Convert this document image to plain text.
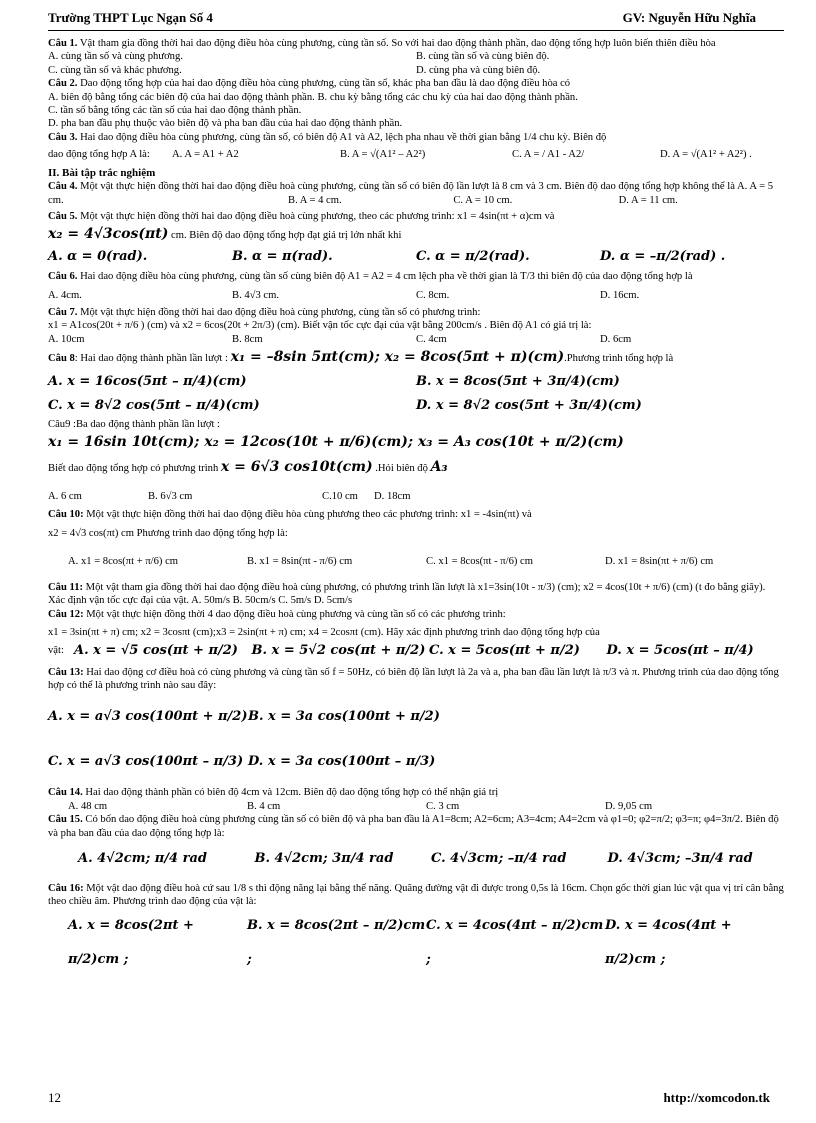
Trường THPT Lục Ngạn Số 4	GV: Nguyễn Hữu Nghĩa

Câu 1. Vật tham gia đồng thời hai dao động điều hòa cùng phương, cùng tần số. So với hai dao động thành phần, dao động tổng hợp luôn biến thiên điều hòa

A. cùng tần số và cùng phương.	B. cùng tần số và cùng biên độ.
C. cùng tần số và khác phương.	D. cùng pha và cùng biên độ.

Câu 2. Dao động tổng hợp của hai dao động điều hòa cùng phương, cùng tần số, khác pha ban đầu là dao động điều hòa có

A. biên độ bằng tổng các biên độ của hai dao động thành phần. B. chu kỳ bằng tổng các chu kỳ của hai dao động thành phần.

C. tần số bằng tổng các tần số của hai dao động thành phần.

D. pha ban đầu phụ thuộc vào biên độ và pha ban đầu của hai dao động thành phần.

Câu 3. Hai dao động điều hòa cùng phương, cùng tần số, có biên độ A1 và A2, lệch pha nhau về thời gian bằng 1/4 chu kỳ. Biên độ

dao động tổng hợp A là:	A. A = A1 + A2	B. A = √(A1² – A2²)	C. A = / A1 - A2/	D. A = √(A1² + A2²) .
II. Bài tập trắc nghiệm

Câu 4. Một vật thực hiện đồng thời hai dao động điều hoà cùng phương, cùng tần số có biên độ lần lượt là 8 cm và 3 cm. Biên độ dao động tổng hợp không thể là A. A = 5 cm.	B. A = 4 cm.	C. A = 10 cm.	D. A = 11 cm.

Câu 5. Một vật thực hiện đồng thời hai dao động điều hoà cùng phương, theo các phương trình: x1 = 4sin(πt + α)cm và

x₂ = 4√3cos(πt) cm. Biên độ dao động tổng hợp đạt giá trị lớn nhất khi

A. α = 0(rad).	B. α = π(rad).	C. α = π/2(rad).	D. α = –π/2(rad) .

Câu 6. Hai dao động điều hòa cùng phương, cùng tần số cùng biên độ A1 = A2 = 4 cm lệch pha về thời gian là T/3 thì biên độ của dao động tổng hợp là

A. 4cm.	B. 4√3 cm.	C. 8cm.	D. 16cm.

Câu 7. Một vật thực hiện đồng thời hai dao động điều hoà cùng phương, cùng tần số có phương trình:

x1 = A1cos(20t + π/6 ) (cm) và x2 = 6cos(20t + 2π/3) (cm). Biết vận tốc cực đại của vật bằng 200cm/s . Biên độ A1 có giá trị là:

A. 10cm	B. 8cm	C. 4cm	D. 6cm

Câu 8: Hai dao động thành phần lần lượt : x₁ = –8sin 5πt(cm); x₂ = 8cos(5πt + π)(cm).Phương trình tổng hợp là

A. x = 16cos(5πt – π/4)(cm)	B. x = 8cos(5πt + 3π/4)(cm)
C. x = 8√2 cos(5πt – π/4)(cm)	D. x = 8√2 cos(5πt + 3π/4)(cm)

Câu9 :Ba dao động thành phần lần lượt :

x₁ = 16sin 10t(cm); x₂ = 12cos(10t + π/6)(cm); x₃ = A₃ cos(10t + π/2)(cm)

Biết dao động tổng hợp có phương trình x = 6√3 cos10t(cm) .Hỏi biên độ A₃

A. 6 cm	B. 6√3 cm	C.10 cm	D. 18cm

Câu 10: Một vật thực hiện đồng thời hai dao động điều hòa cùng phương theo các phương trình: x1 = -4sin(πt) và

x2 = 4√3 cos(πt) cm Phương trình dao động tổng hợp là:

A. x1 = 8cos(πt + π/6) cm	B. x1 = 8sin(πt - π/6) cm	C. x1 = 8cos(πt - π/6) cm	D. x1 = 8sin(πt + π/6) cm

Câu 11: Một vật tham gia đồng thời hai dao động điều hoà cùng phương, có phương trình lần lượt là x1=3sin(10t - π/3) (cm); x2 = 4cos(10t + π/6) (cm) (t đo bằng giây). Xác định vận tốc cực đại của vật. A. 50m/s B. 50cm/s C. 5m/s D. 5cm/s

Câu 12: Một vật thực hiện đồng thời 4 dao động điều hoà cùng phương và cùng tần số có các phương trình:

x1 = 3sin(πt + π) cm; x2 = 3cosπt (cm);x3 = 2sin(πt + π) cm; x4 = 2cosπt (cm). Hãy xác định phương trình dao động tổng hợp của

vật: A. x = √5 cos(πt + π/2)	B. x = 5√2 cos(πt + π/2) C. x = 5cos(πt + π/2)	D. x = 5cos(πt – π/4)

Câu 13: Hai dao động cơ điều hoà có cùng phương và cùng tần số f = 50Hz, có biên độ lần lượt là 2a và a, pha ban đầu lần lượt là π/3 và π. Phương trình của dao động tổng hợp có thể là phương trình nào sau đây:

A. x = a√3 cos(100πt + π/2) B. x = 3a cos(100πt + π/2)
C. x = a√3 cos(100πt – π/3) D. x = 3a cos(100πt – π/3)

Câu 14. Hai dao động thành phần có biên độ 4cm và 12cm. Biên độ dao động tổng hợp có thể nhận giá trị

A. 48 cm	B. 4 cm	C. 3 cm	D. 9,05 cm

Câu 15. Có bốn dao động điều hoà cùng phương cùng tần số có biên độ và pha ban đầu là A1=8cm; A2=6cm; A3=4cm; A4=2cm và φ1=0; φ2=π/2; φ3=π; φ4=3π/2. Biên độ và pha ban đầu của dao động tổng hợp là:

A. 4√2cm; π/4 rad	B. 4√2cm; 3π/4 rad	C. 4√3cm; –π/4 rad	D. 4√3cm; –3π/4 rad

Câu 16: Một vật dao động điều hoà cứ sau 1/8 s thì động năng lại bằng thế năng. Quãng đường vật đi được trong 0,5s là 16cm. Chọn gốc thời gian lúc vật qua vị trí cân bằng theo chiều âm. Phương trình dao động của vật là:

A. x = 8cos(2πt + π/2)cm ;
B. x = 8cos(2πt – π/2)cm ;
C. x = 4cos(4πt – π/2)cm ;
D. x = 4cos(4πt + π/2)cm ;
12	http://xomcodon.tk
